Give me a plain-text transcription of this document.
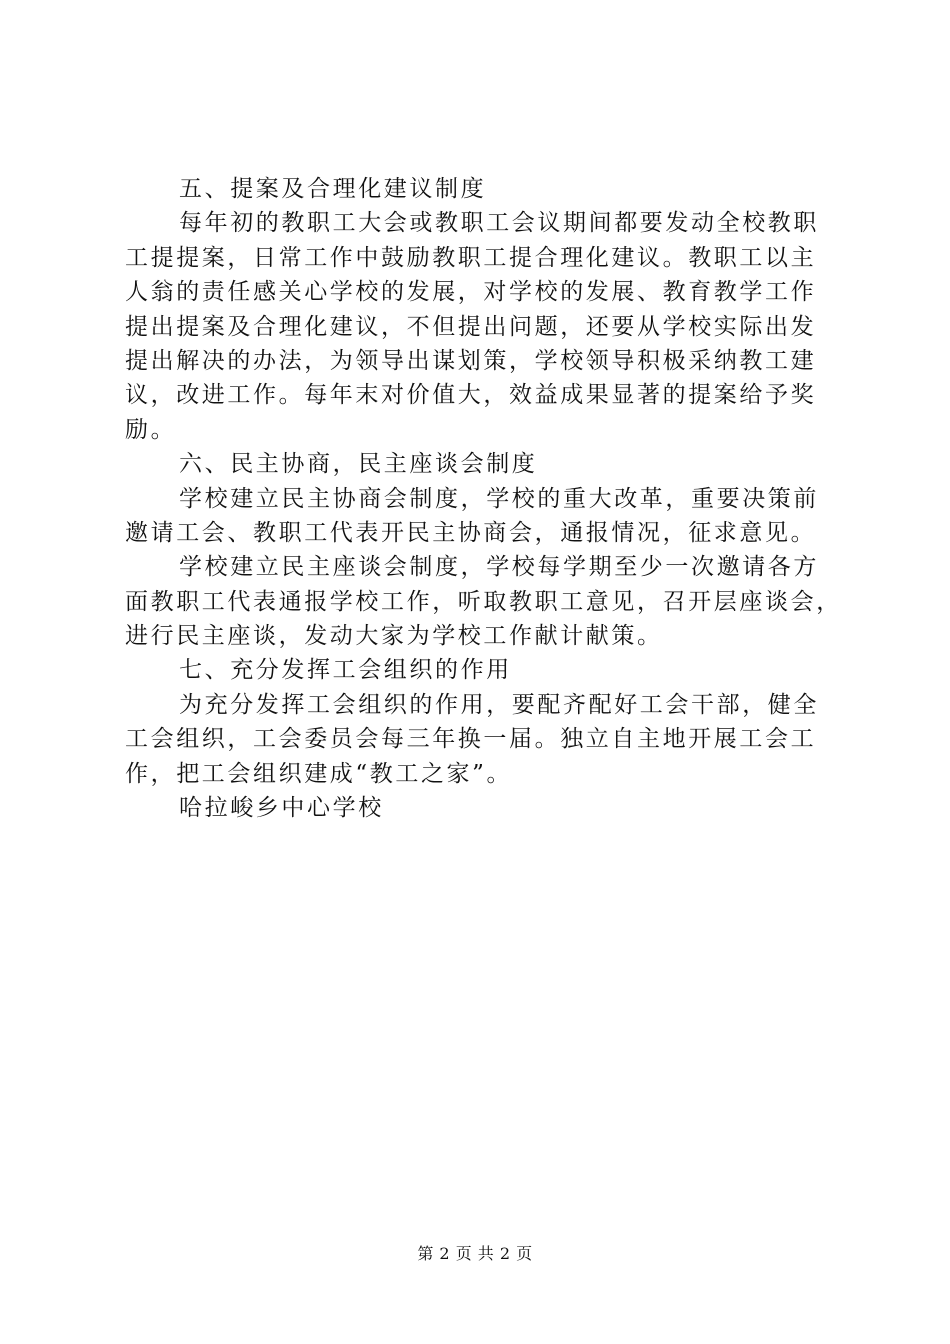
五、提案及合理化建议制度
每年初的教职工大会或教职工会议期间都要发动全校教职
工提提案，日常工作中鼓励教职工提合理化建议。教职工以主
人翁的责任感关心学校的发展，对学校的发展、教育教学工作
提出提案及合理化建议，不但提出问题，还要从学校实际出发
提出解决的办法，为领导出谋划策，学校领导积极采纳教工建
议，改进工作。每年末对价值大，效益成果显著的提案给予奖
励。
六、民主协商，民主座谈会制度
学校建立民主协商会制度，学校的重大改革，重要决策前
邀请工会、教职工代表开民主协商会，通报情况，征求意见。
学校建立民主座谈会制度，学校每学期至少一次邀请各方
面教职工代表通报学校工作，听取教职工意见，召开层座谈会，
进行民主座谈，发动大家为学校工作献计献策。
七、充分发挥工会组织的作用
为充分发挥工会组织的作用，要配齐配好工会干部，健全
工会组织，工会委员会每三年换一届。独立自主地开展工会工
作，把工会组织建成“教工之家”。
哈拉峻乡中心学校
第 2 页 共 2 页
